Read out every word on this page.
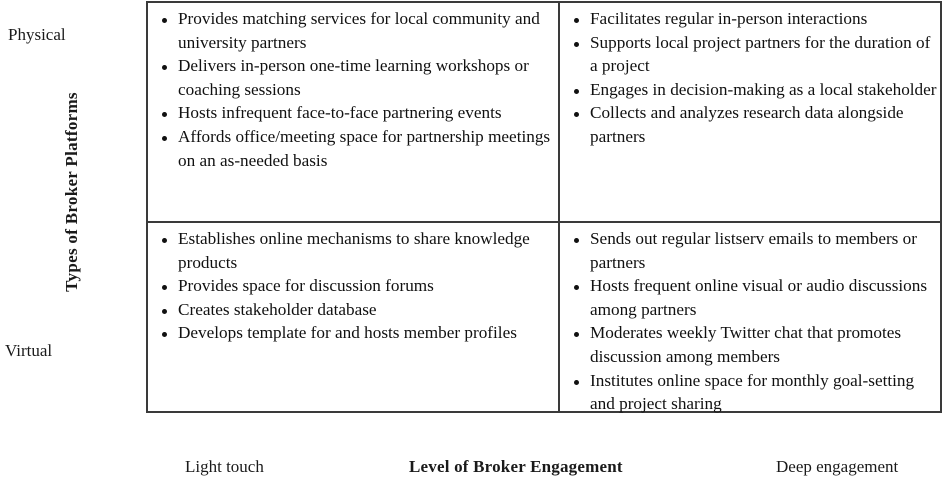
Physical
Virtual
Types of Broker Platforms
Provides matching services for local community and university partners
Delivers in-person one-time learning workshops or coaching sessions
Hosts infrequent face-to-face partnering events
Affords office/meeting space for partnership meetings on an as-needed basis
Facilitates regular in-person interactions
Supports local project partners for the duration of a project
Engages in decision-making as a local stakeholder
Collects and analyzes research data alongside partners
Establishes online mechanisms to share knowledge products
Provides space for discussion forums
Creates stakeholder database
Develops template for and hosts member profiles
Sends out regular listserv emails to members or partners
Hosts frequent online visual or audio discussions among partners
Moderates weekly Twitter chat that promotes discussion among members
Institutes online space for monthly goal-setting and project sharing
Light touch	Level of Broker Engagement	Deep engagement
